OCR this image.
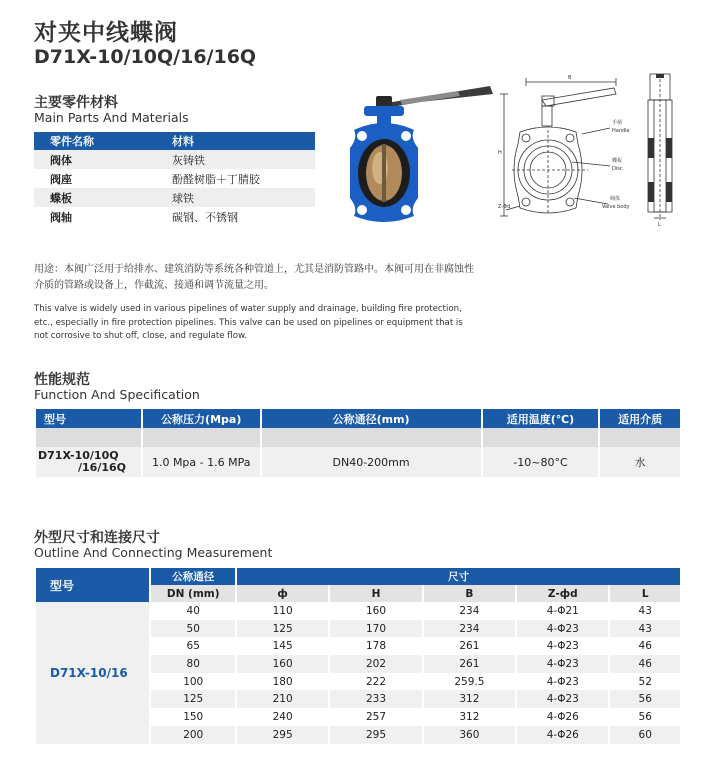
对夹中线蝶阀
D71X-10/10Q/16/16Q
主要零件材料
Main Parts And Materials
零件名称	材料
阀体	灰铸铁
阀座	酚醛树脂＋丁腈胶
蝶板	球铁
阀轴	碳钢、不锈钢
B
H
手柄
Handle
蝶板
Disc
阀体
Valve body
Z-Φd
L
用途：本阀广泛用于给排水、建筑消防等系统各种管道上，尤其是消防管路中。本阀可用在非腐蚀性介质的管路或设备上，作截流、接通和调节流量之用。
This valve is widely used in various pipelines of water supply and drainage, building fire protection, etc., especially in fire protection pipelines. This valve can be used on pipelines or equipment that is not corrosive to shut off, close, and regulate flow.
性能规范
Function And Specification
型号	公称压力(Mpa)	公称通径(mm)	适用温度(℃)	适用介质

D71X-10/10Q
/16/16Q	1.0 Mpa - 1.6 MPa	DN40-200mm	-10~80°C	水
外型尺寸和连接尺寸
Outline And Connecting Measurement
型号	公称通径	尺寸				
	DN (mm)	ф	H	B	Z-фd	L
D71X-10/16	40	110	160	234	4-Φ21	43
	50	125	170	234	4-Φ23	43
	65	145	178	261	4-Φ23	46
	80	160	202	261	4-Φ23	46
	100	180	222	259.5	4-Φ23	52
	125	210	233	312	4-Φ23	56
	150	240	257	312	4-Φ26	56
	200	295	295	360	4-Φ26	60
